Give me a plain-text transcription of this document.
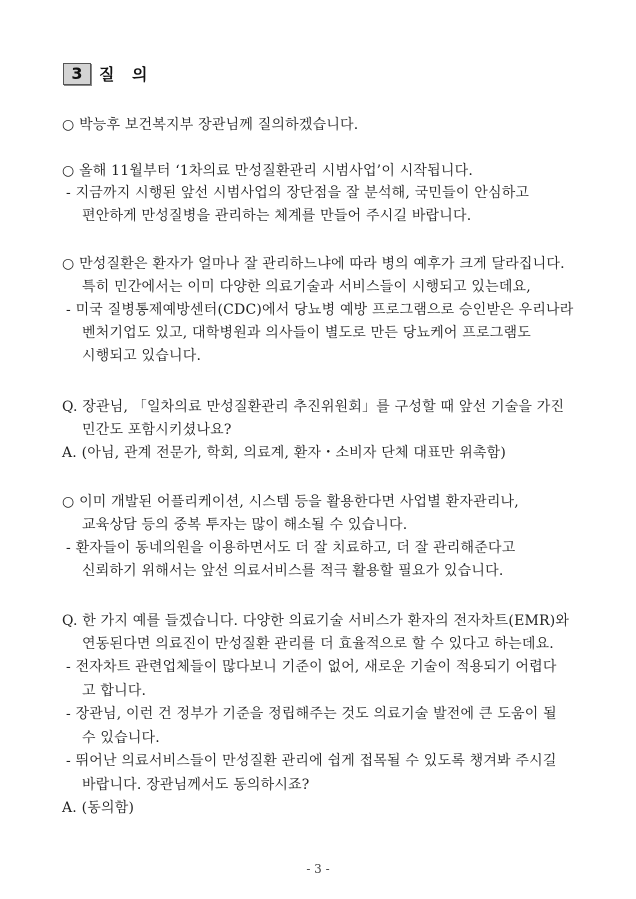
3	질 의
○ 박능후 보건복지부 장관님께 질의하겠습니다.
○ 올해 11월부터 ‘1차의료 만성질환관리 시범사업’이 시작됩니다.
- 지금까지 시행된 앞선 시범사업의 장단점을 잘 분석해, 국민들이 안심하고
편안하게 만성질병을 관리하는 체계를 만들어 주시길 바랍니다.
○ 만성질환은 환자가 얼마나 잘 관리하느냐에 따라 병의 예후가 크게 달라집니다.
특히 민간에서는 이미 다양한 의료기술과 서비스들이 시행되고 있는데요,
- 미국 질병통제예방센터(CDC)에서 당뇨병 예방 프로그램으로 승인받은 우리나라
벤처기업도 있고, 대학병원과 의사들이 별도로 만든 당뇨케어 프로그램도
시행되고 있습니다.
Q. 장관님, 「일차의료 만성질환관리 추진위원회」를 구성할 때 앞선 기술을 가진
민간도 포함시키셨나요?
A. (아님, 관계 전문가, 학회, 의료계, 환자・소비자 단체 대표만 위촉함)
○ 이미 개발된 어플리케이션, 시스템 등을 활용한다면 사업별 환자관리나,
교육상담 등의 중복 투자는 많이 해소될 수 있습니다.
- 환자들이 동네의원을 이용하면서도 더 잘 치료하고, 더 잘 관리해준다고
신뢰하기 위해서는 앞선 의료서비스를 적극 활용할 필요가 있습니다.
Q. 한 가지 예를 들겠습니다. 다양한 의료기술 서비스가 환자의 전자차트(EMR)와
연동된다면 의료진이 만성질환 관리를 더 효율적으로 할 수 있다고 하는데요.
- 전자차트 관련업체들이 많다보니 기준이 없어, 새로운 기술이 적용되기 어렵다
고 합니다.
- 장관님, 이런 건 정부가 기준을 정립해주는 것도 의료기술 발전에 큰 도움이 될
수 있습니다.
- 뛰어난 의료서비스들이 만성질환 관리에 쉽게 접목될 수 있도록 챙겨봐 주시길
바랍니다. 장관님께서도 동의하시죠?
A. (동의함)
- 3 -
